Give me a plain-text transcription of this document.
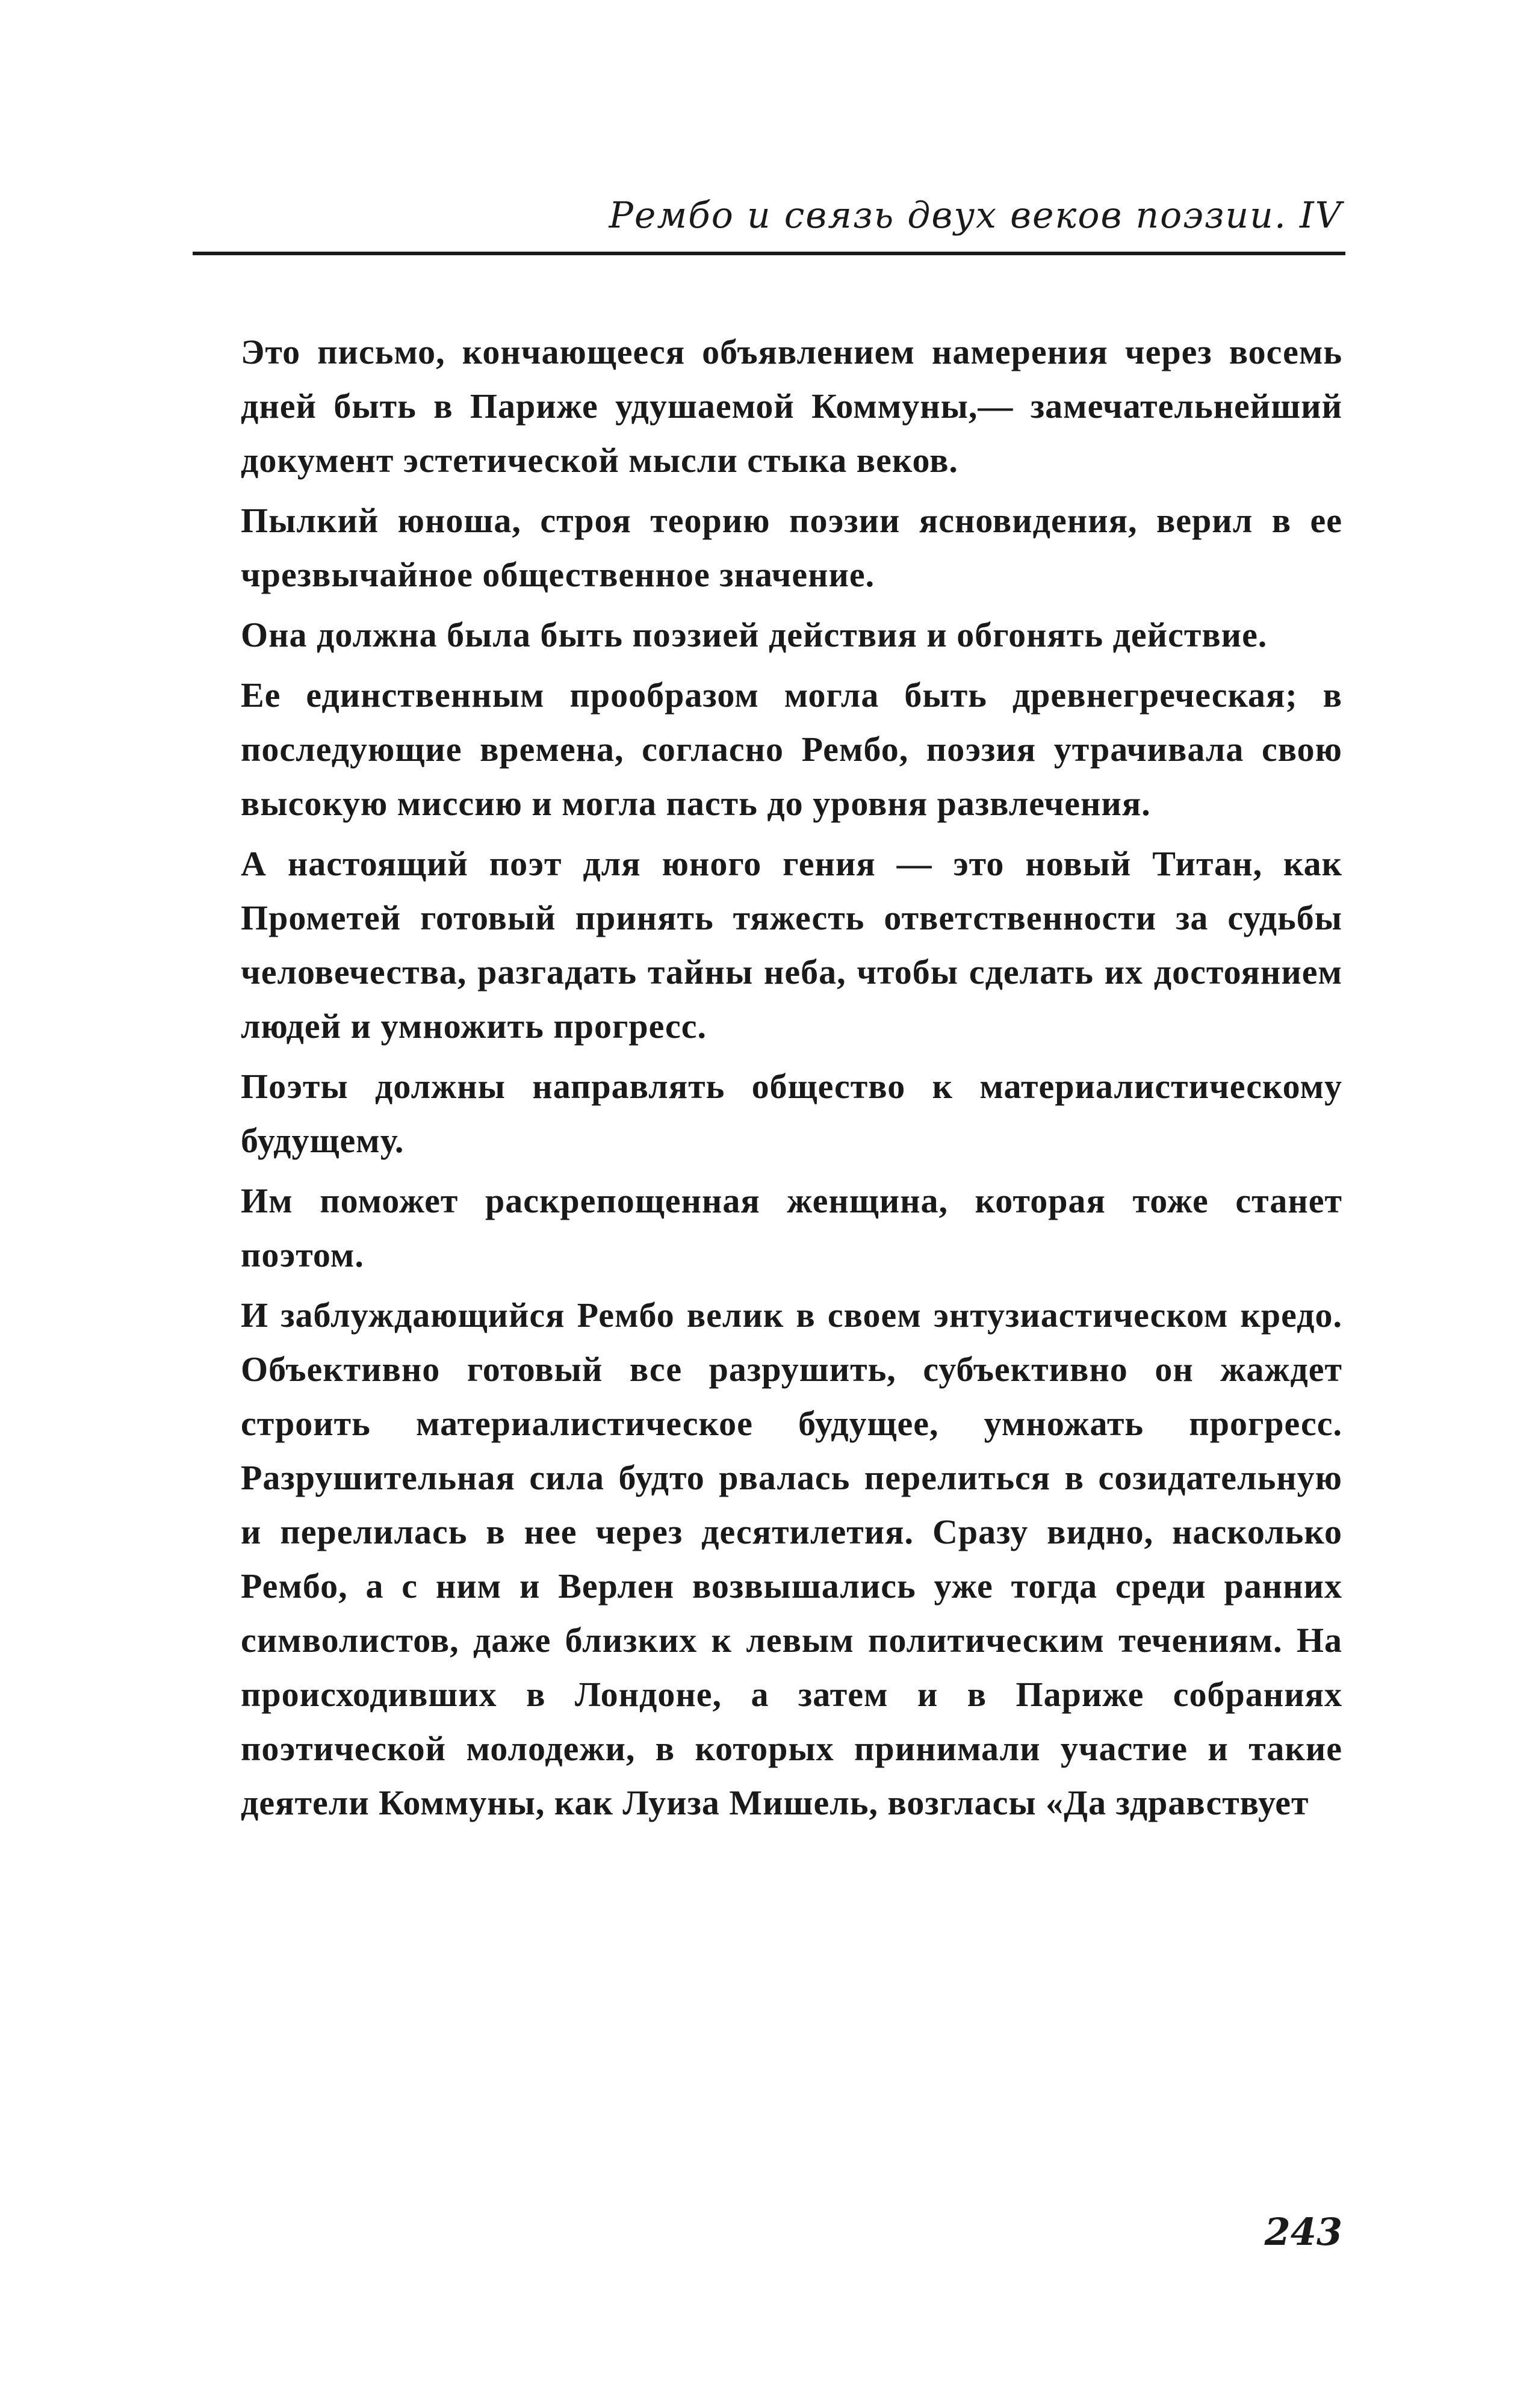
Рембо и связь двух веков поэзии. IV

Это письмо, кончающееся объявлением намерения через восемь дней быть в Париже удушаемой Коммуны,— замечательнейший документ эстетической мысли стыка веков.

Пылкий юноша, строя теорию поэзии ясновидения, верил в ее чрезвычайное общественное значение.

Она должна была быть поэзией действия и обгонять действие.

Ее единственным прообразом могла быть древнегреческая; в последующие времена, согласно Рембо, поэзия утрачивала свою высокую миссию и могла пасть до уровня развлечения.

А настоящий поэт для юного гения — это новый Титан, как Прометей готовый принять тяжесть ответственности за судьбы человечества, разгадать тайны неба, чтобы сделать их достоянием людей и умножить прогресс.

Поэты должны направлять общество к материалистическому будущему.

Им поможет раскрепощенная женщина, которая тоже станет поэтом.

И заблуждающийся Рембо велик в своем энтузиастическом кредо. Объективно готовый все разрушить, субъективно он жаждет строить материалистическое будущее, умножать прогресс. Разрушительная сила будто рвалась перелиться в созидательную и перелилась в нее через десятилетия. Сразу видно, насколько Рембо, а с ним и Верлен возвышались уже тогда среди ранних символистов, даже близких к левым политическим течениям. На происходивших в Лондоне, а затем и в Париже собраниях поэтической молодежи, в которых принимали участие и такие деятели Коммуны, как Луиза Мишель, возгласы «Да здравствует

243
